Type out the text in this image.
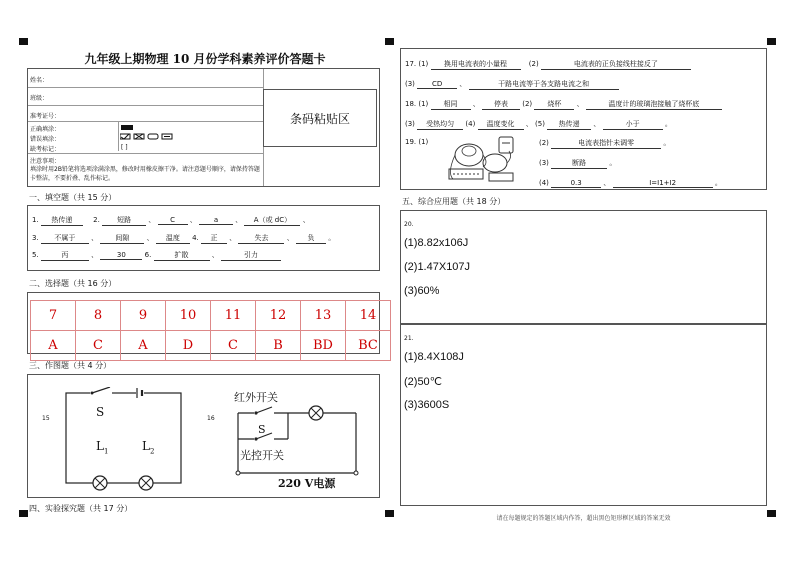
九年级上期物理 10 月份学科素养评价答题卡
姓名：
班级：
准考证号：
正确填涂：
错误填涂：
缺考标记：	[ ]
注意事项：
填涂时用2B铅笔将选项涂满涂黑，修改时用橡皮擦干净。请注意题号顺序，请保持答题卡整洁，不要折叠、乱作标记。
条码粘贴区
一、填空题（共 15 分）
1. 热传递	2. 短路 、 C 、 a 、 A（或 dC） 、
3. 不属于 、 间隙 、 温度 4. 正 、	失去	、 负 。
5.	丙	、	30	6.	扩散	、	引力
二、选择题（共 16 分）
7	8	9	10	11	12	13	14
A	C	A	D	C	B	BD	BC
三、作图题（共 4 分）
15	16
S
$L_1$	$L_2$
红外开关
S
光控开关
220 V电源
四、实验探究题（共 17 分）
17. (1) 换用电流表的小量程	(2)	电流表的正负接线柱接反了
(3) CD 、	干路电流等于各支路电流之和
18. (1) 相同 、 停表 (2) 烧杯 、	温度计的玻璃泡接触了烧杯底
(3) 受热均匀 (4) 温度变化 、 (5) 热传递 、	小于	。
19. (1)	(2)	电流表指针未调零	。
(3)	断路	。
(4)	0.3	、	I=I1+I2	。
五、综合应用题（共 18 分）
20.
(1)8.82x106J
(2)1.47X107J
(3)60%
21.
(1)8.4X108J
(2)50℃
(3)3600S
请在每题规定的答题区域内作答，超出黑色矩形框区域的答案无效
